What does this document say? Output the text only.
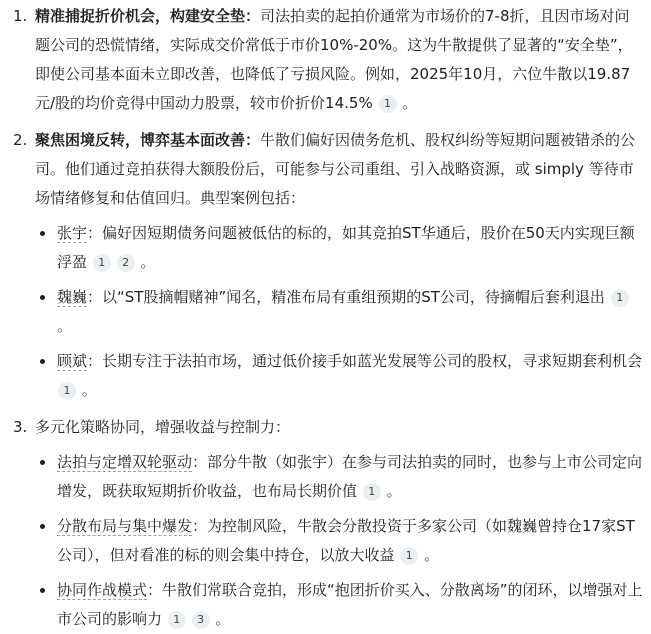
1. 精准捕捉折价机会，构建安全垫：司法拍卖的起拍价通常为市场价的7-8折，且因市场对问题公司的恐慌情绪，实际成交价常低于市价10%-20%。这为牛散提供了显著的“安全垫”，即使公司基本面未立即改善，也降低了亏损风险。例如，2025年10月，六位牛散以19.87元/股的均价竞得中国动力股票，较市价折价14.5% 1 。

2. 聚焦困境反转，博弈基本面改善：牛散们偏好因债务危机、股权纠纷等短期问题被错杀的公司。他们通过竞拍获得大额股份后，可能参与公司重组、引入战略资源，或 simply 等待市场情绪修复和估值回归。典型案例包括：

张宇：偏好因短期债务问题被低估的标的，如其竞拍ST华通后，股价在50天内实现巨额浮盈 1 2 。
魏巍：以“ST股摘帽赌神”闻名，精准布局有重组预期的ST公司，待摘帽后套利退出 1 。
顾斌：长期专注于法拍市场，通过低价接手如蓝光发展等公司的股权，寻求短期套利机会 1 。
3. 多元化策略协同，增强收益与控制力：

法拍与定增双轮驱动：部分牛散（如张宇）在参与司法拍卖的同时，也参与上市公司定向增发，既获取短期折价收益，也布局长期价值 1 。
分散布局与集中爆发：为控制风险，牛散会分散投资于多家公司（如魏巍曾持仓17家ST公司），但对看准的标的则会集中持仓，以放大收益 1 。
协同作战模式：牛散们常联合竞拍，形成“抱团折价买入、分散离场”的闭环，以增强对上市公司的影响力 1 3 。
